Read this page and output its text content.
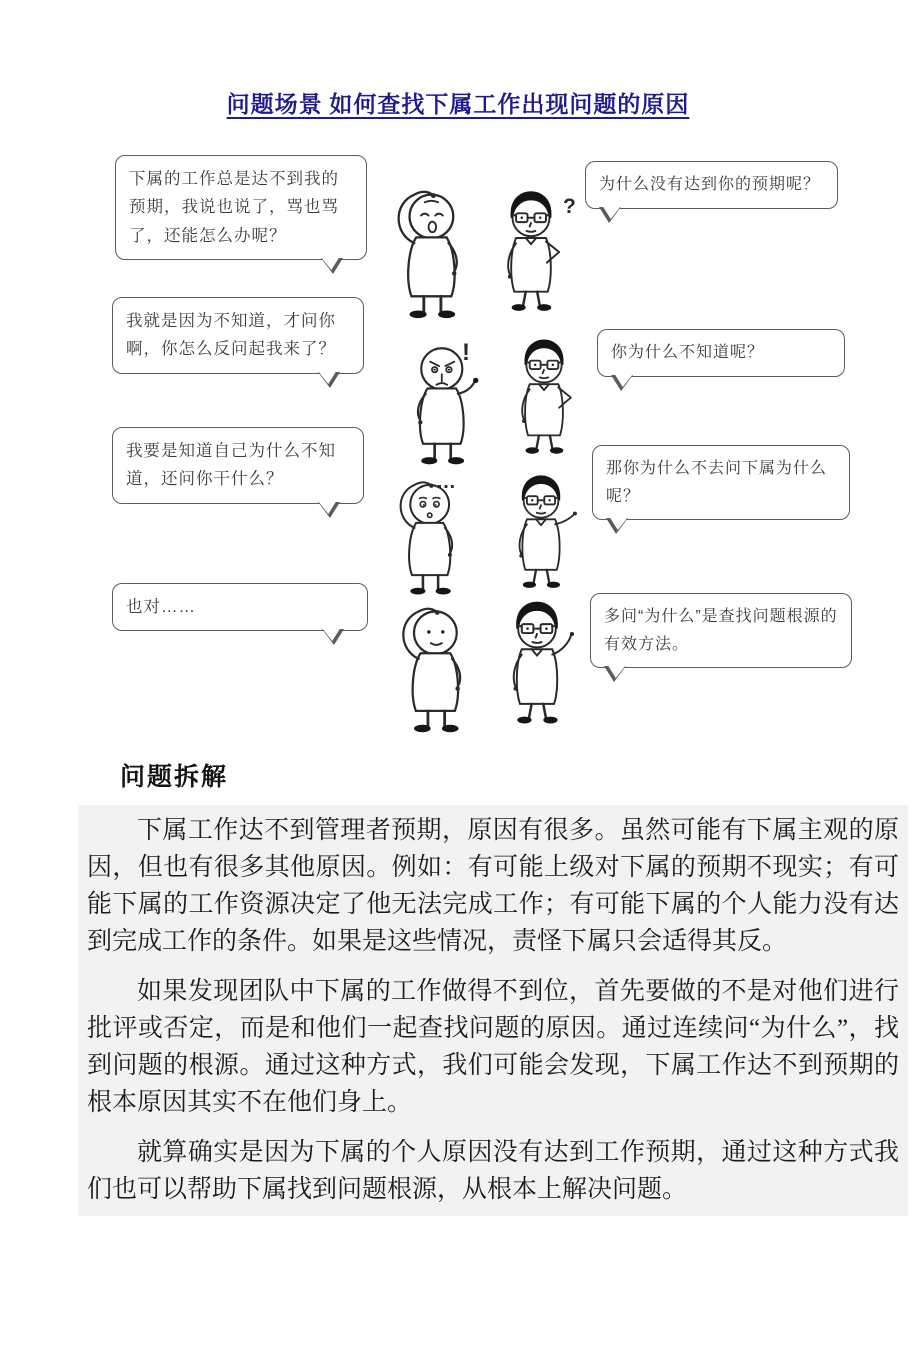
问题场景 如何查找下属工作出现问题的原因
下属的工作总是达不到我的预期，我说也说了，骂也骂了，还能怎么办呢？
?
为什么没有达到你的预期呢？
我就是因为不知道，才问你啊，你怎么反问起我来了？	!	你为什么不知道呢？
我要是知道自己为什么不知道，还问你干什么？	…
那你为什么不去问下属为什么呢？
也对……
多问“为什么”是查找问题根源的有效方法。
问题拆解

下属工作达不到管理者预期，原因有很多。虽然可能有下属主观的原因，但也有很多其他原因。例如：有可能上级对下属的预期不现实；有可能下属的工作资源决定了他无法完成工作；有可能下属的个人能力没有达到完成工作的条件。如果是这些情况，责怪下属只会适得其反。

如果发现团队中下属的工作做得不到位，首先要做的不是对他们进行批评或否定，而是和他们一起查找问题的原因。通过连续问“为什么”，找到问题的根源。通过这种方式，我们可能会发现，下属工作达不到预期的根本原因其实不在他们身上。

就算确实是因为下属的个人原因没有达到工作预期，通过这种方式我们也可以帮助下属找到问题根源，从根本上解决问题。
